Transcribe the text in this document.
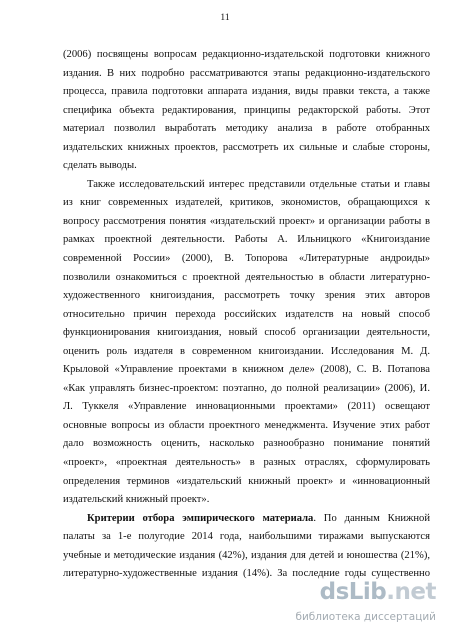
11
(2006) посвящены вопросам редакционно-издательской подготовки книжного
издания. В них подробно рассматриваются этапы редакционно-издательского
процесса, правила подготовки аппарата издания, виды правки текста, а также
специфика объекта редактирования, принципы редакторской работы. Этот
материал позволил выработать методику анализа в работе отобранных
издательских книжных проектов, рассмотреть их сильные и слабые стороны,
сделать выводы.
Также исследовательский интерес представили отдельные статьи и главы
из книг современных издателей, критиков, экономистов, обращающихся к
вопросу рассмотрения понятия «издательский проект» и организации работы в
рамках проектной деятельности. Работы А. Ильницкого «Книгоиздание
современной России» (2000), В. Топорова «Литературные андроиды»
позволили ознакомиться с проектной деятельностью в области литературно-
художественного книгоиздания, рассмотреть точку зрения этих авторов
относительно причин перехода российских издателств на новый способ
функционирования книгоиздания, новый способ организации деятельности,
оценить роль издателя в современном книгоиздании. Исследования М. Д.
Крыловой «Управление проектами в книжном деле» (2008), С. В. Потапова
«Как управлять бизнес-проектом: поэтапно, до полной реализации» (2006), И.
Л. Туккеля «Управление инновационными проектами» (2011) освещают
основные вопросы из области проектного менеджмента. Изучение этих работ
дало возможность оценить, насколько разнообразно понимание понятий
«проект», «проектная деятельность» в разных отраслях, сформулировать
определения терминов «издательский книжный проект» и «инновационный
издательский книжный проект».
Критерии отбора эмпирического материала. По данным Книжной
палаты за 1-е полугодие 2014 года, наибольшими тиражами выпускаются
учебные и методические издания (42%), издания для детей и юношества (21%),
литературно-художественные издания (14%). За последние годы существенно
dsLib.net
библиотека диссертаций
